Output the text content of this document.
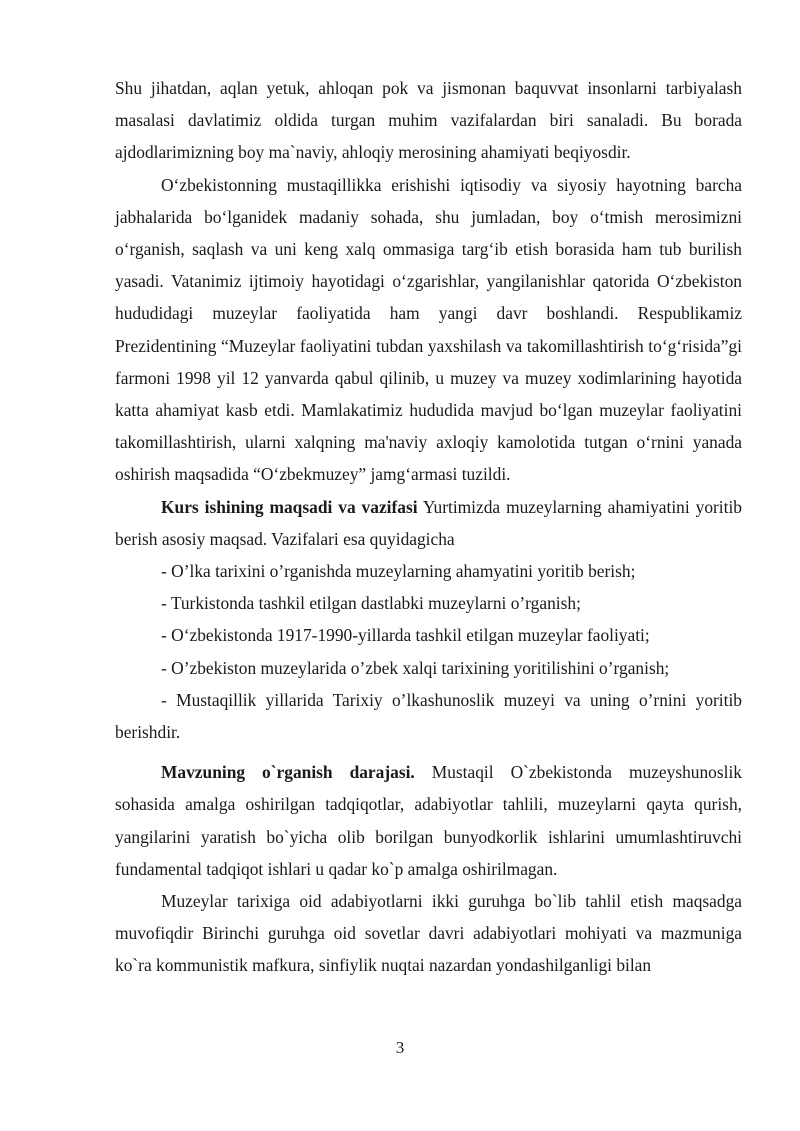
Shu jihatdan, aqlan yetuk, ahloqan pok va jismonan baquvvat insonlarni tarbiyalash masalasi davlatimiz oldida turgan muhim vazifalardan biri sanaladi. Bu borada ajdodlarimizning boy ma`naviy, ahloqiy merosining ahamiyati beqiyosdir.

O‘zbekistonning mustaqillikka erishishi iqtisodiy va siyosiy hayotning barcha jabhalarida bo‘lganidek madaniy sohada, shu jumladan, boy o‘tmish merosimizni o‘rganish, saqlash va uni keng xalq ommasiga targ‘ib etish borasida ham tub burilish yasadi. Vatanimiz ijtimoiy hayotidagi o‘zgarishlar, yangilanishlar qatorida O‘zbekiston hududidagi muzeylar faoliyatida ham yangi davr boshlandi. Respublikamiz Prezidentining “Muzeylar faoliyatini tubdan yaxshilash va takomillashtirish to‘g‘risida”gi farmoni 1998 yil 12 yanvarda qabul qilinib, u muzey va muzey xodimlarining hayotida katta ahamiyat kasb etdi. Mamlakatimiz hududida mavjud bo‘lgan muzeylar faoliyatini takomillashtirish, ularni xalqning ma'naviy axloqiy kamolotida tutgan o‘rnini yanada oshirish maqsadida “O‘zbekmuzey” jamg‘armasi tuzildi.

Kurs ishining maqsadi va vazifasi Yurtimizda muzeylarning ahamiyatini yoritib berish asosiy maqsad. Vazifalari esa quyidagicha

- O’lka tarixini o’rganishda muzeylarning ahamyatini yoritib berish;

- Turkistonda tashkil etilgan dastlabki muzeylarni o’rganish;

- O‘zbekistonda 1917-1990-yillarda tashkil etilgan muzeylar faoliyati;

- O’zbekiston muzeylarida o’zbek xalqi tarixining yoritilishini o’rganish;

- Mustaqillik yillarida Tarixiy o’lkashunoslik muzeyi va uning o’rnini yoritib berishdir.

Mavzuning o`rganish darajasi. Mustaqil O`zbekistonda muzeyshunoslik sohasida amalga oshirilgan tadqiqotlar, adabiyotlar tahlili, muzeylarni qayta qurish, yangilarini yaratish bo`yicha olib borilgan bunyodkorlik ishlarini umumlashtiruvchi fundamental tadqiqot ishlari u qadar ko`p amalga oshirilmagan.

Muzeylar tarixiga oid adabiyotlarni ikki guruhga bo`lib tahlil etish maqsadga muvofiqdir Birinchi guruhga oid sovetlar davri adabiyotlari mohiyati va mazmuniga ko`ra kommunistik mafkura, sinfiylik nuqtai nazardan yondashilganligi bilan

3
